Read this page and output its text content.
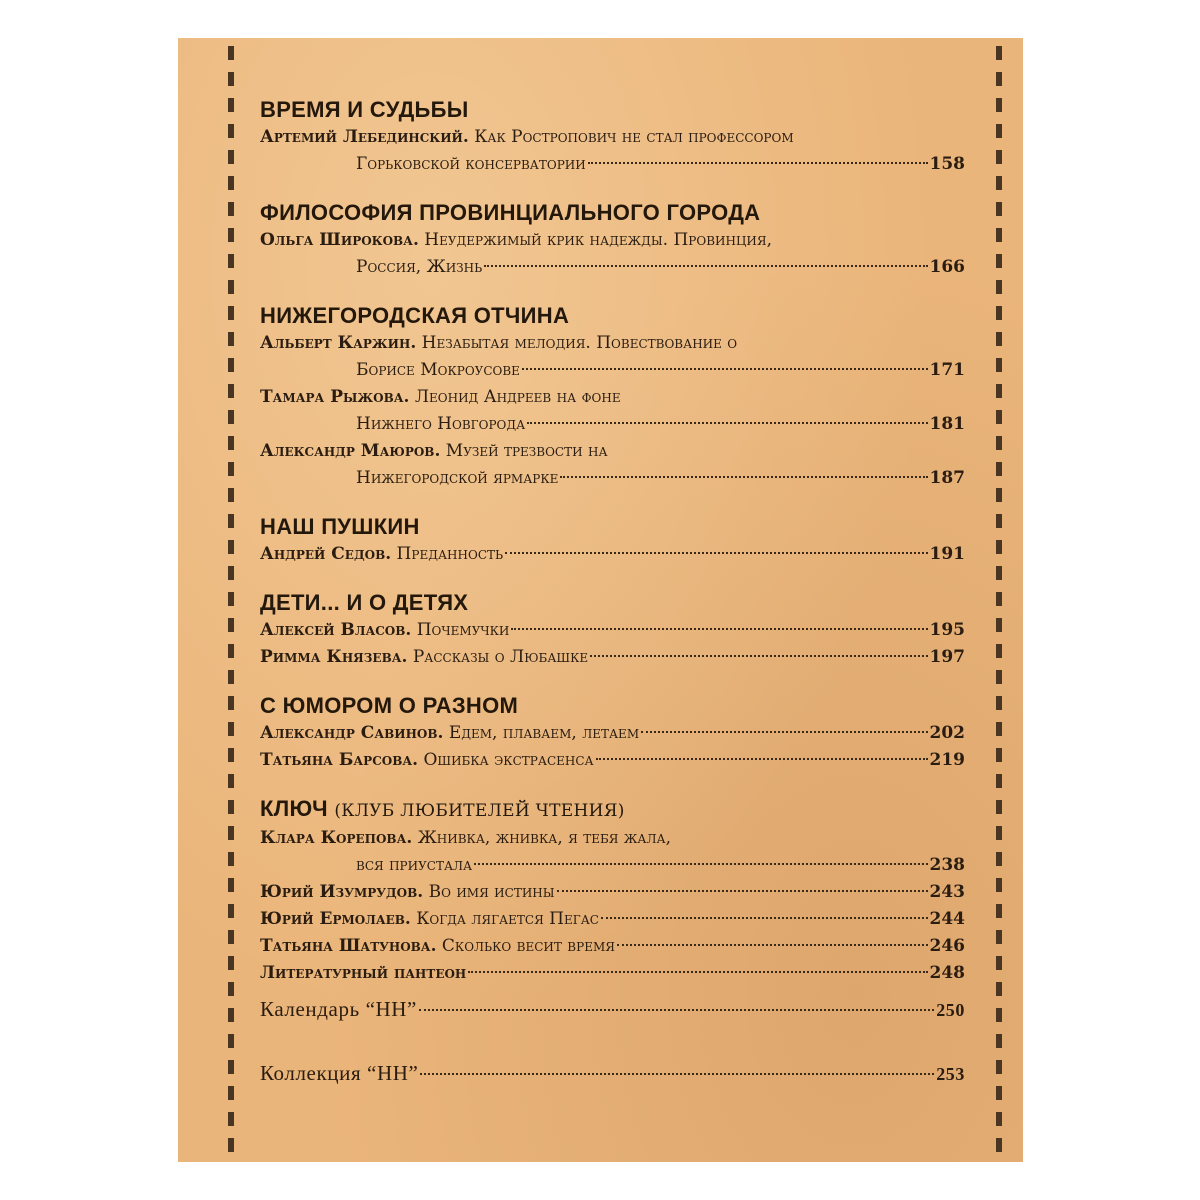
ВРЕМЯ И СУДЬБЫ
Артемий Лебединский. Как Ростропович не стал профессором
Горьковской консерватории	158
ФИЛОСОФИЯ ПРОВИНЦИАЛЬНОГО ГОРОДА
Ольга Широкова. Неудержимый крик надежды. Провинция,
Россия, Жизнь	166
НИЖЕГОРОДСКАЯ ОТЧИНА
Альберт Каржин. Незабытая мелодия. Повествование о
Борисе Мокроусове	171
Тамара Рыжова. Леонид Андреев на фоне
Нижнего Новгорода	181
Александр Маюров. Музей трезвости на
Нижегородской ярмарке	187
НАШ ПУШКИН
Андрей Седов. Преданность	191
ДЕТИ... И О ДЕТЯХ
Алексей Власов. Почемучки	195
Римма Князева. Рассказы о Любашке	197
С ЮМОРОМ О РАЗНОМ
Александр Савинов. Едем, плаваем, летаем	202
Татьяна Барсова. Ошибка экстрасенса	219
КЛЮЧ (КЛУБ ЛЮБИТЕЛЕЙ ЧТЕНИЯ)
Клара Корепова. Жнивка, жнивка, я тебя жала,
вся приустала	238
Юрий Изумрудов. Во имя истины	243
Юрий Ермолаев. Когда лягается Пегас	244
Татьяна Шатунова. Сколько весит время	246
Литературный пантеон	248
Календарь “НН”	250
Коллекция “НН”	253
